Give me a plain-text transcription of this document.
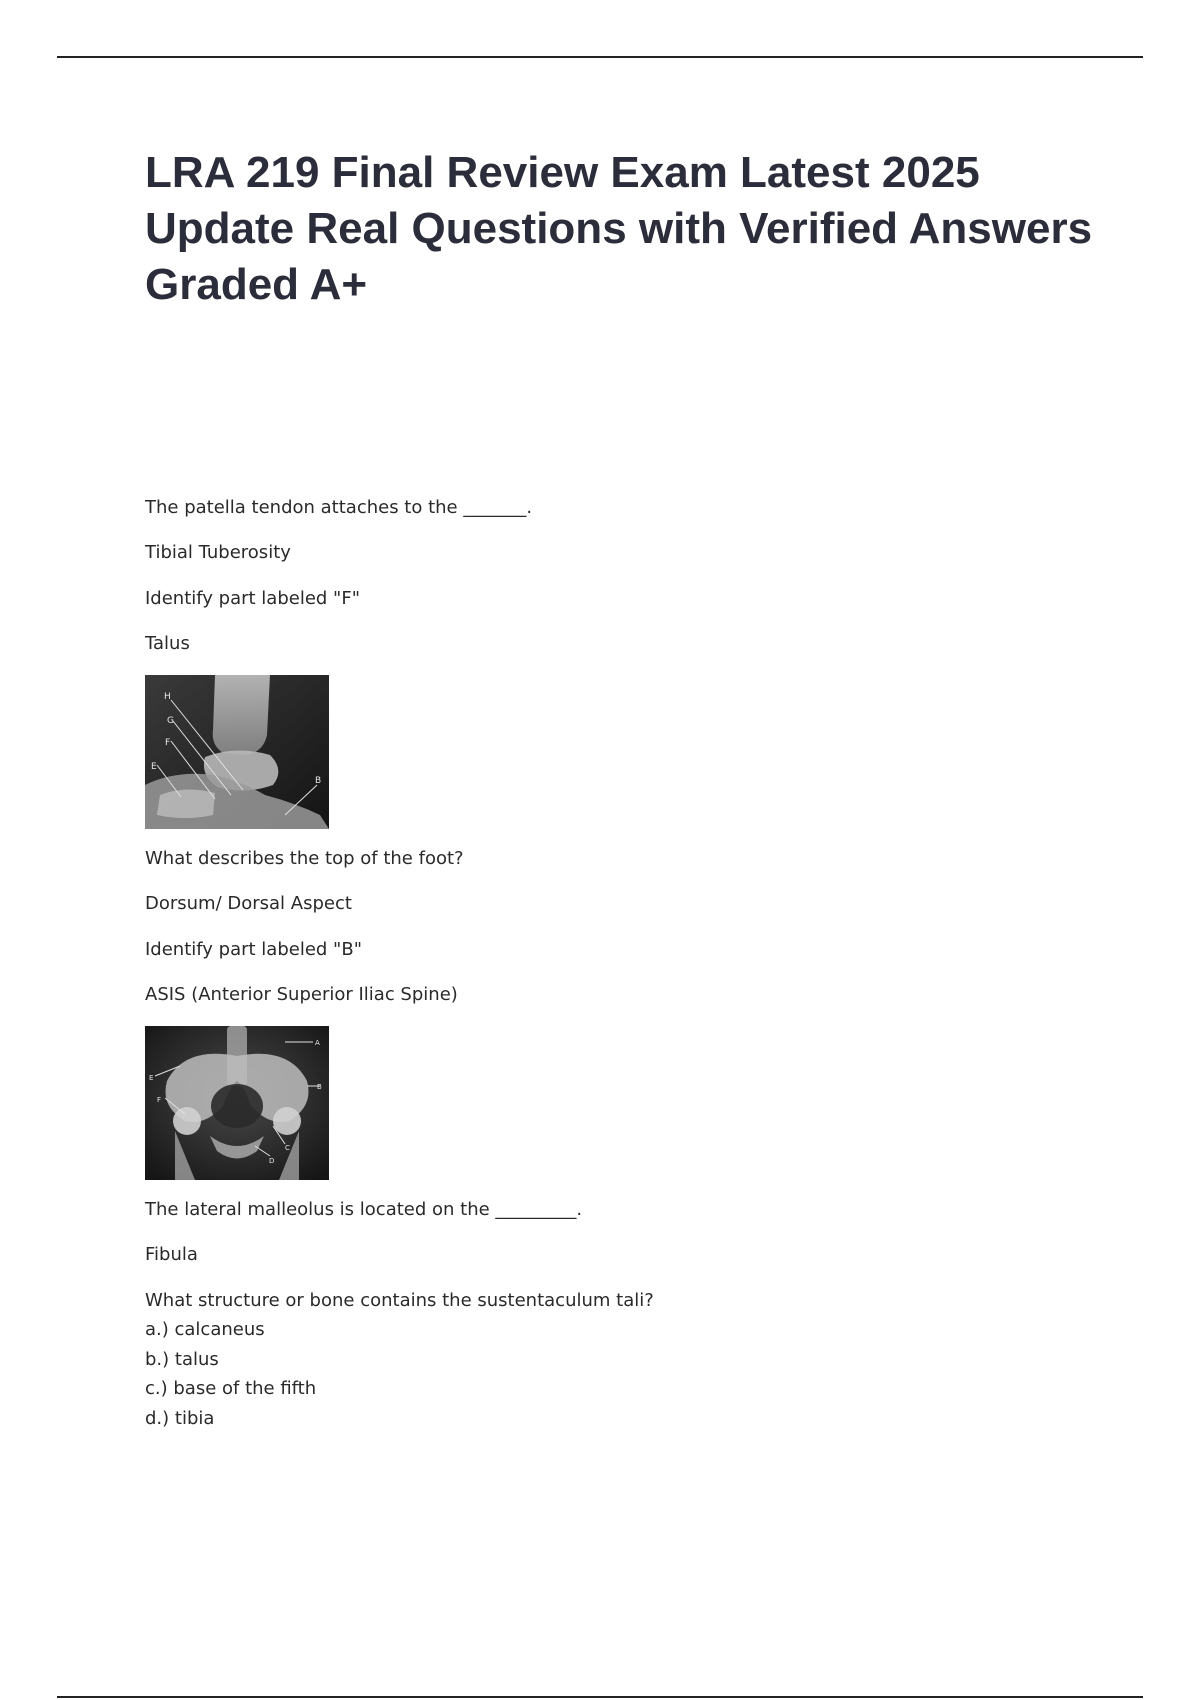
LRA 219 Final Review Exam Latest 2025 Update Real Questions with Verified Answers Graded A+
The patella tendon attaches to the _______.
Tibial Tuberosity
Identify part labeled "F"
Talus
H
G
F
E
B
What describes the top of the foot?
Dorsum/ Dorsal Aspect
Identify part labeled "B"
ASIS (Anterior Superior Iliac Spine)
A
B
C
D
E
F
The lateral malleolus is located on the _________.
Fibula
What structure or bone contains the sustentaculum tali?
a.) calcaneus
b.) talus
c.) base of the fifth
d.) tibia
